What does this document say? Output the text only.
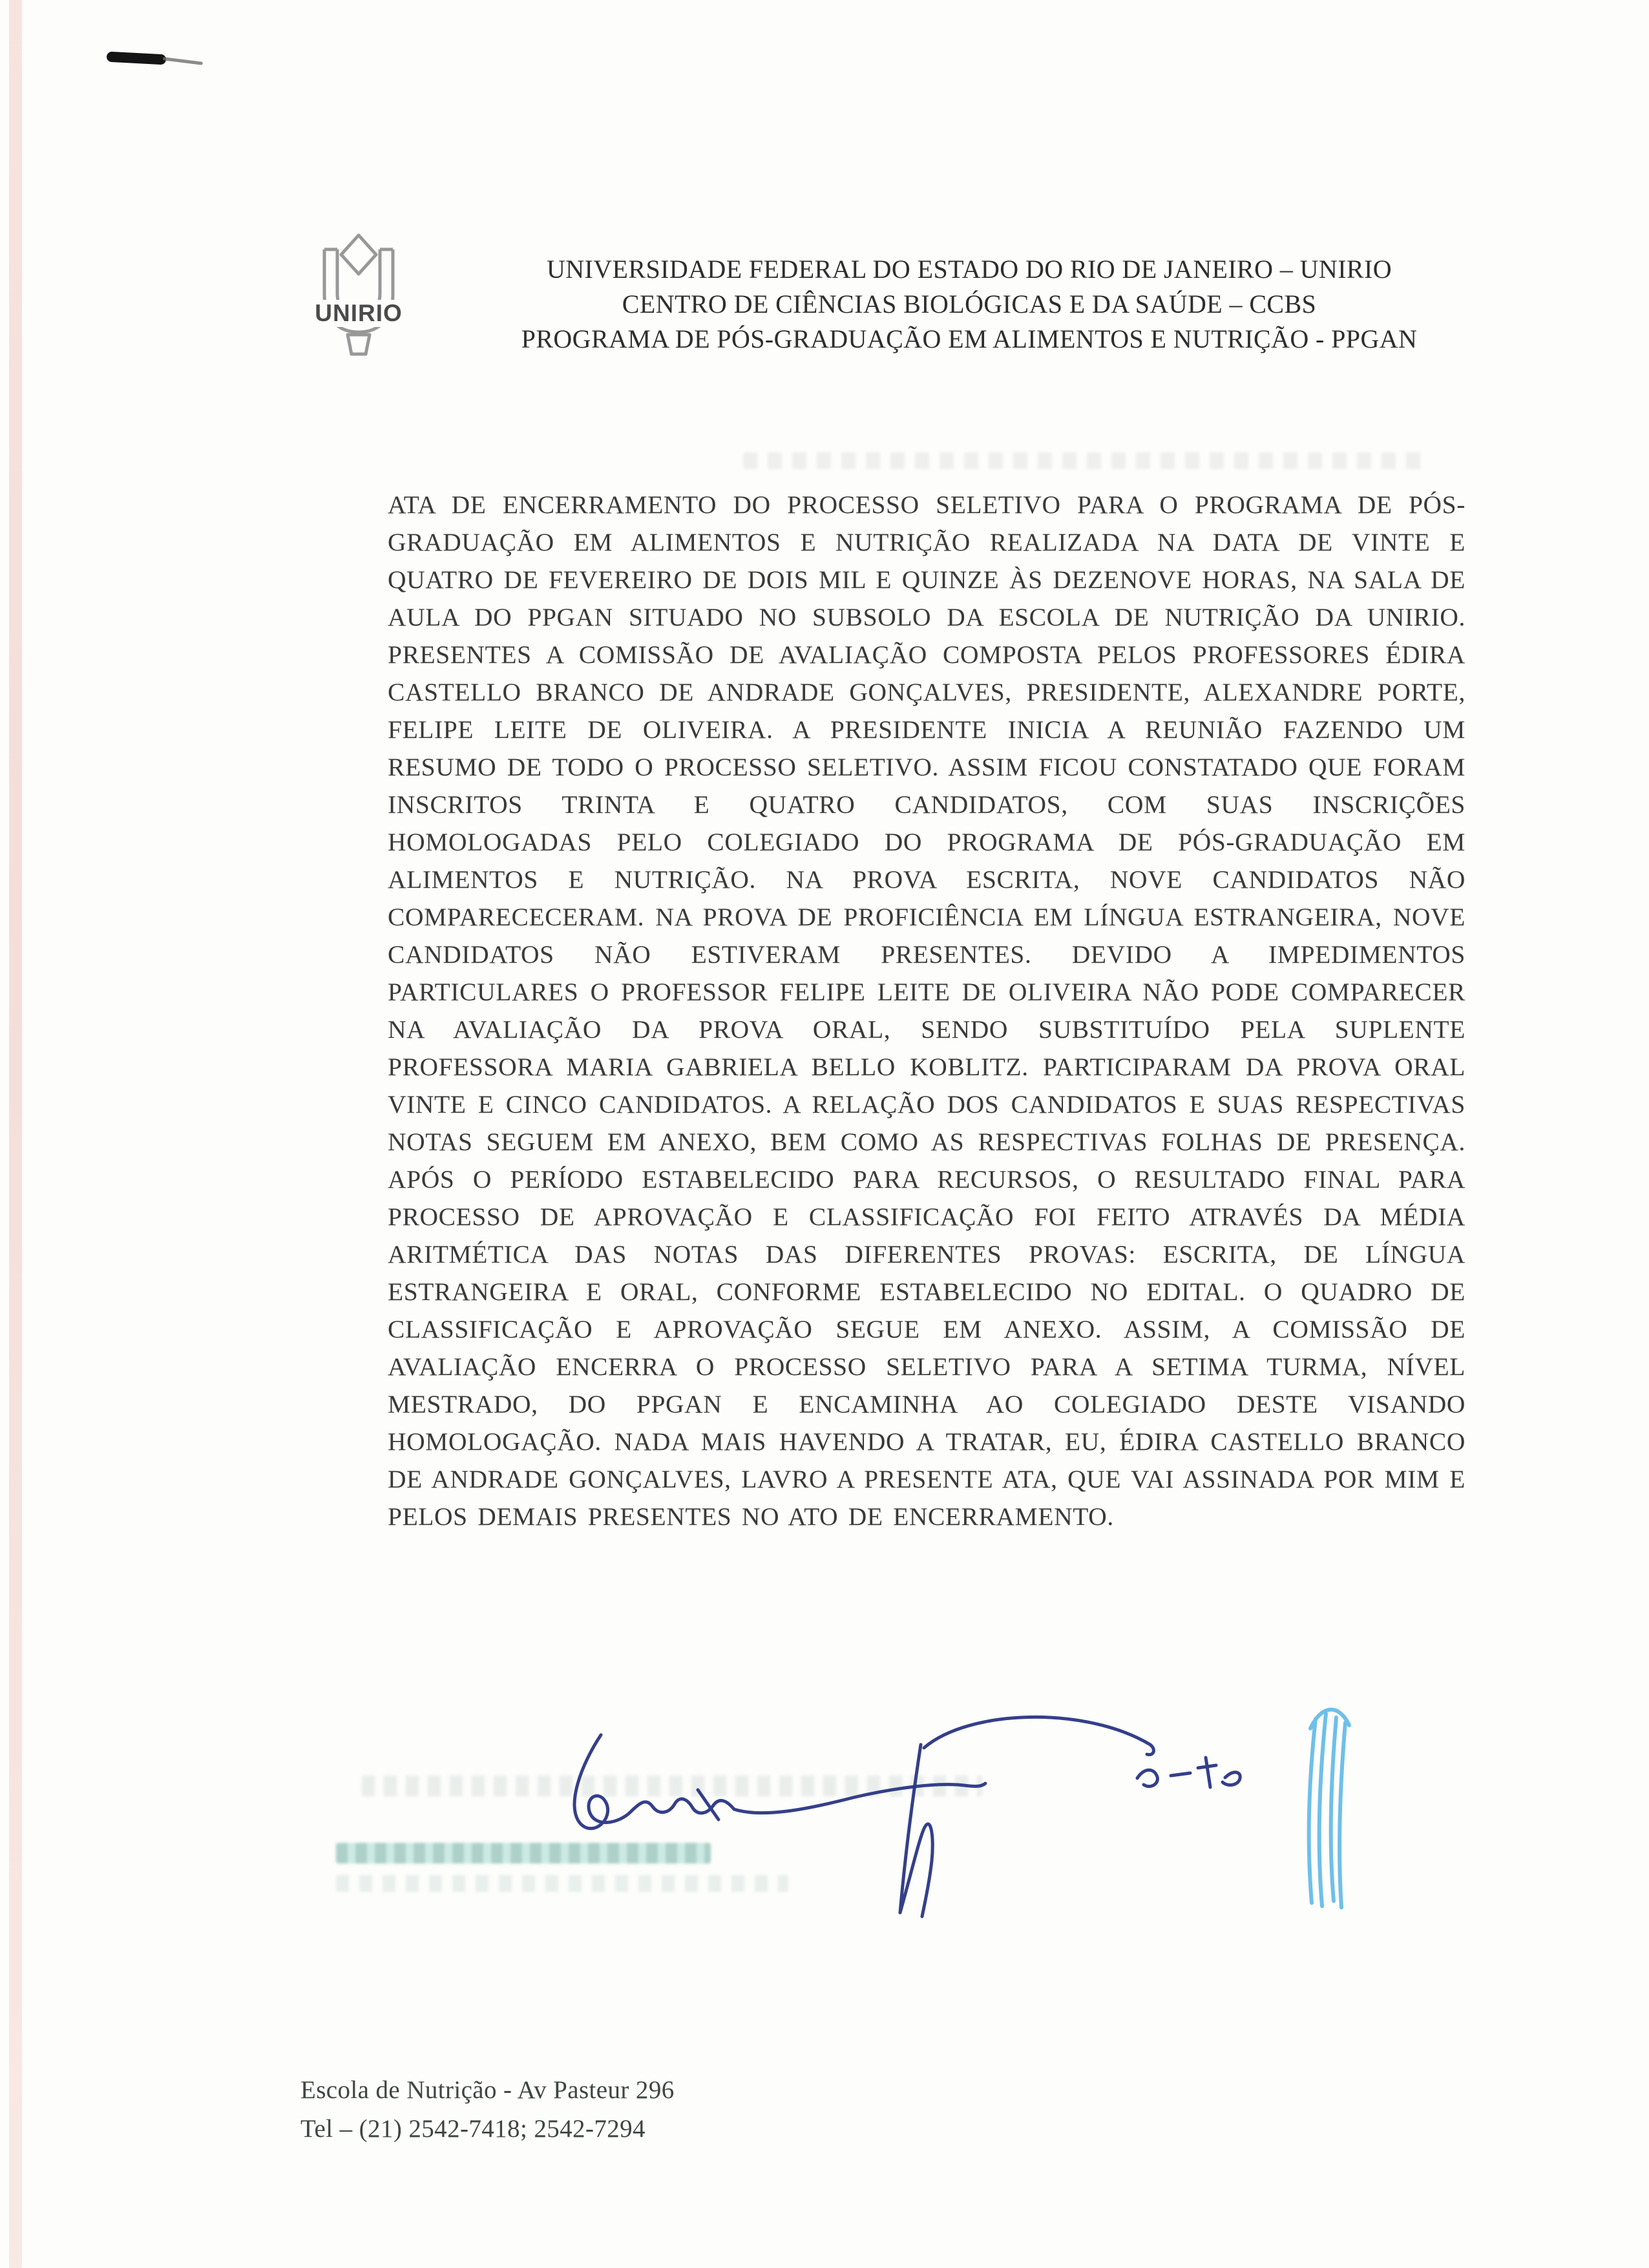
UNIRIO
UNIVERSIDADE FEDERAL DO ESTADO DO RIO DE JANEIRO – UNIRIO
CENTRO DE CIÊNCIAS BIOLÓGICAS E DA SAÚDE – CCBS
PROGRAMA DE PÓS-GRADUAÇÃO EM ALIMENTOS E NUTRIÇÃO - PPGAN
ATA DE ENCERRAMENTO DO PROCESSO SELETIVO PARA O PROGRAMA DE PÓS-GRADUAÇÃO EM ALIMENTOS E NUTRIÇÃO REALIZADA NA DATA DE VINTE E QUATRO DE FEVEREIRO DE DOIS MIL E QUINZE ÀS DEZENOVE HORAS, NA SALA DE AULA DO PPGAN SITUADO NO SUBSOLO DA ESCOLA DE NUTRIÇÃO DA UNIRIO. PRESENTES A COMISSÃO DE AVALIAÇÃO COMPOSTA PELOS PROFESSORES ÉDIRA CASTELLO BRANCO DE ANDRADE GONÇALVES, PRESIDENTE, ALEXANDRE PORTE, FELIPE LEITE DE OLIVEIRA. A PRESIDENTE INICIA A REUNIÃO FAZENDO UM RESUMO DE TODO O PROCESSO SELETIVO. ASSIM FICOU CONSTATADO QUE FORAM INSCRITOS TRINTA E QUATRO CANDIDATOS, COM SUAS INSCRIÇÕES HOMOLOGADAS PELO COLEGIADO DO PROGRAMA DE PÓS-GRADUAÇÃO EM ALIMENTOS E NUTRIÇÃO. NA PROVA ESCRITA, NOVE CANDIDATOS NÃO COMPARECECERAM. NA PROVA DE PROFICIÊNCIA EM LÍNGUA ESTRANGEIRA, NOVE CANDIDATOS NÃO ESTIVERAM PRESENTES. DEVIDO A IMPEDIMENTOS PARTICULARES O PROFESSOR FELIPE LEITE DE OLIVEIRA NÃO PODE COMPARECER NA AVALIAÇÃO DA PROVA ORAL, SENDO SUBSTITUÍDO PELA SUPLENTE PROFESSORA MARIA GABRIELA BELLO KOBLITZ. PARTICIPARAM DA PROVA ORAL VINTE E CINCO CANDIDATOS. A RELAÇÃO DOS CANDIDATOS E SUAS RESPECTIVAS NOTAS SEGUEM EM ANEXO, BEM COMO AS RESPECTIVAS FOLHAS DE PRESENÇA. APÓS O PERÍODO ESTABELECIDO PARA RECURSOS, O RESULTADO FINAL PARA PROCESSO DE APROVAÇÃO E CLASSIFICAÇÃO FOI FEITO ATRAVÉS DA MÉDIA ARITMÉTICA DAS NOTAS DAS DIFERENTES PROVAS: ESCRITA, DE LÍNGUA ESTRANGEIRA E ORAL, CONFORME ESTABELECIDO NO EDITAL. O QUADRO DE CLASSIFICAÇÃO E APROVAÇÃO SEGUE EM ANEXO. ASSIM, A COMISSÃO DE AVALIAÇÃO ENCERRA O PROCESSO SELETIVO PARA A SETIMA TURMA, NÍVEL MESTRADO, DO PPGAN E ENCAMINHA AO COLEGIADO DESTE VISANDO HOMOLOGAÇÃO. NADA MAIS HAVENDO A TRATAR, EU, ÉDIRA CASTELLO BRANCO DE ANDRADE GONÇALVES, LAVRO A PRESENTE ATA, QUE VAI ASSINADA POR MIM E PELOS DEMAIS PRESENTES NO ATO DE ENCERRAMENTO.
Escola de Nutrição - Av Pasteur 296
Tel – (21) 2542-7418; 2542-7294
